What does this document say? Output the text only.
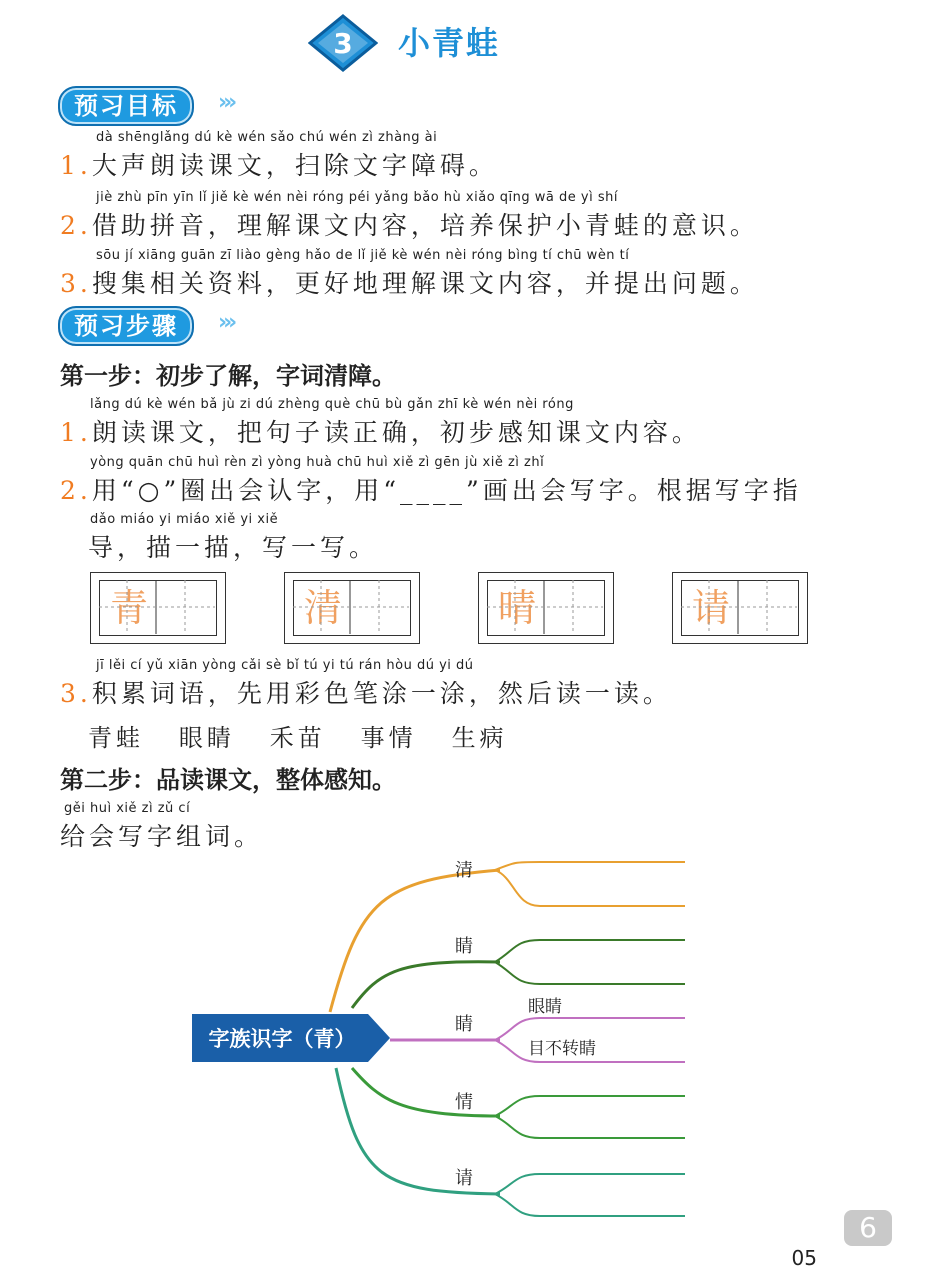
3 小青蛙
预习目标	›››
dà shēnglǎng dú kè wén sǎo chú wén zì zhàng ài
1.大声朗读课文，扫除文字障碍。
jiè zhù pīn yīn lǐ jiě kè wén nèi róng péi yǎng bǎo hù xiǎo qīng wā de yì shí
2.借助拼音，理解课文内容，培养保护小青蛙的意识。
sōu jí xiāng guān zī liào gèng hǎo de lǐ jiě kè wén nèi róng bìng tí chū wèn tí
3.搜集相关资料，更好地理解课文内容，并提出问题。
预习步骤	›››
第一步：初步了解，字词清障。
lǎng dú kè wén bǎ jù zi dú zhèng què chū bù gǎn zhī kè wén nèi róng
1.朗读课文，把句子读正确，初步感知课文内容。
yòng quān chū huì rèn zì yòng huà chū huì xiě zì gēn jù xiě zì zhǐ
2.用“○”圈出会认字，用“____”画出会写字。根据写字指
dǎo miáo yi miáo xiě yi xiě
导，描一描，写一写。
青	清	晴	请
jī lěi cí yǔ xiān yòng cǎi sè bǐ tú yi tú rán hòu dú yi dú
3.积累词语，先用彩色笔涂一涂，然后读一读。
青蛙 眼睛 禾苗 事情 生病
第二步：品读课文，整体感知。
gěi huì xiě zì zǔ cí
给会写字组词。
字族识字（青）
清
睛
睛
眼睛
目不转睛
情
请
6
05
